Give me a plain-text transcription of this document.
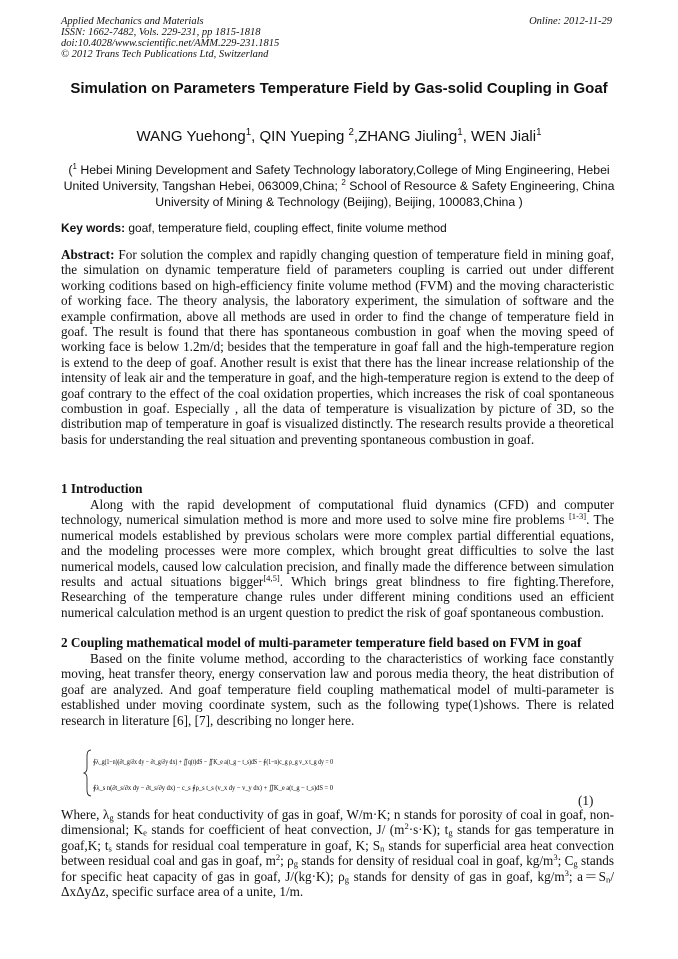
Applied Mechanics and Materials
ISSN: 1662-7482, Vols. 229-231, pp 1815-1818
doi:10.4028/www.scientific.net/AMM.229-231.1815
© 2012 Trans Tech Publications Ltd, Switzerland
Online: 2012-11-29
Simulation on Parameters Temperature Field by Gas-solid Coupling in Goaf
WANG Yuehong$^1$, QIN Yueping $^2$,ZHANG Jiuling$^1$, WEN Jiali$^1$
($^1$ Hebei Mining Development and Safety Technology laboratory,College of Ming Engineering, Hebei United University, Tangshan Hebei, 063009,China; $^2$ School of Resource & Safety Engineering, China University of Mining & Technology (Beijing), Beijing, 100083,China )
Key words: goaf, temperature field, coupling effect, finite volume method
Abstract: For solution the complex and rapidly changing question of temperature field in mining goaf, the simulation on dynamic temperature field of parameters coupling is carried out under different working coditions based on high-efficiency finite volume method (FVM) and the moving characteristic of working face. The theory analysis, the laboratory experiment, the simulation of software and the example confirmation, above all methods are used in order to find the change of temperature field in goaf. The result is found that there has spontaneous combustion in goaf when the moving speed of working face is below 1.2m/d; besides that the temperature in goaf fall and the high-temperature region is extend to the deep of goaf. Another result is exist that there has the linear increase relationship of the intensity of leak air and the temperature in goaf, and the high-temperature region is extend to the deep of goaf contrary to the effect of the coal oxidation properties, which increases the risk of coal spontaneous combustion in goaf. Especially , all the data of temperature is visualization by picture of 3D, so the distribution map of temperature in goaf is visualized distinctly. The research results provide a theoretical basis for understanding the real situation and preventing spontaneous combustion in goaf.
1 Introduction
Along with the rapid development of computational fluid dynamics (CFD) and computer technology, numerical simulation method is more and more used to solve mine fire problems [1-3]. The numerical models established by previous scholars were more complex partial differential equations, and the modeling processes were more complex, which brought great difficulties to solve the last numerical models, caused low calculation precision, and finally made the difference between simulation results and actual situations bigger[4,5]. Which brings great blindness to fire fighting.Therefore, Researching of the temperature change rules under different mining conditions used an efficient numerical calculation method is an urgent question to predict the risk of goaf spontaneous combustion.
2 Coupling mathematical model of multi-parameter temperature field based on FVM in goaf
Based on the finite volume method, according to the characteristics of working face constantly moving, heat transfer theory, energy conservation law and porous media theory, the heat distribution of goaf are analyzed. And goaf temperature field coupling mathematical model of multi-parameter is established under moving coordinate system, such as the following type(1)shows. There is related research in literature [6], [7], describing no longer here.
∮λ_g(1−n)(∂t_g/∂x dy − ∂t_g/∂y dx) + ∬q(t)dS − ∬K_e a(t_g − t_s)dS − ∮(1−n)c_g ρ_g v_x t_g dy = 0
∮λ_s n(∂t_s/∂x dy − ∂t_s/∂y dx) − c_s ∮ρ_s t_s (v_x dy − v_y dx) + ∬K_e a(t_g − t_s)dS = 0
(1)
Where, $\lambda_g$ stands for heat conductivity of gas in goaf, W/m·K; n stands for porosity of coal in goaf, non-dimensional; $K_e$ stands for coefficient of heat convection, J/ $(m^2\cdot s\cdot K)$; $t_g$ stands for gas temperature in goaf,K; $t_s$ stands for residual coal temperature in goaf, K; $S_n$ stands for superficial area heat convection between residual coal and gas in goaf, $m^2$; $\rho_g$ stands for density of residual coal in goaf, $kg/m^3$; $C_g$ stands for specific heat capacity of gas in goaf, J/(kg·K); $\rho_g$ stands for density of gas in goaf, $kg/m^3$; $a=S_n$/ΔxΔyΔz, specific surface area of a unite, 1/m.
